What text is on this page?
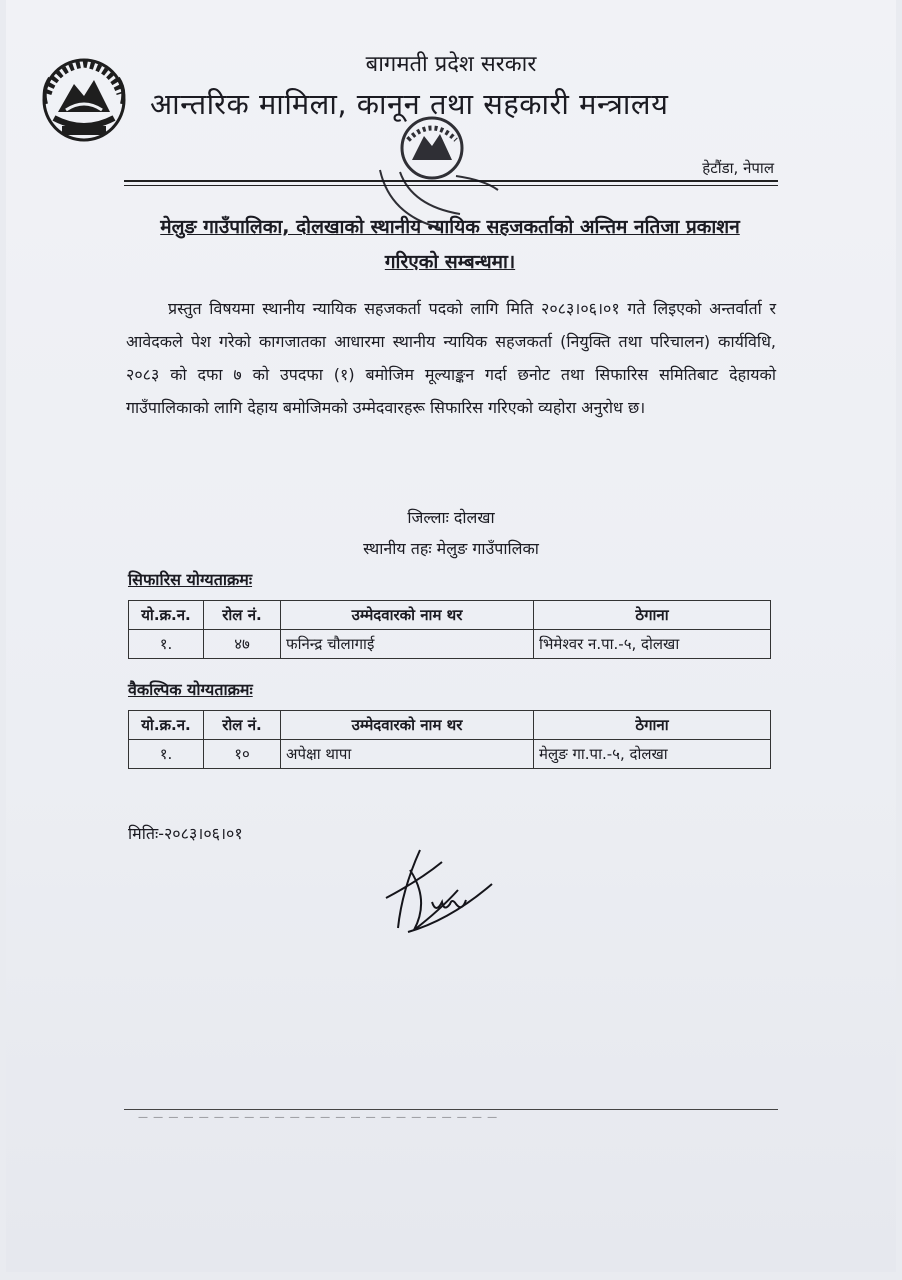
बागमती प्रदेश सरकार
आन्तरिक मामिला, कानून तथा सहकारी मन्त्रालय
हेटौंडा, नेपाल
मेलुङ गाउँपालिका, दोलखाको स्थानीय न्यायिक सहजकर्ताको अन्तिम नतिजा प्रकाशन
गरिएको सम्बन्धमा।
प्रस्तुत विषयमा स्थानीय न्यायिक सहजकर्ता पदको लागि मिति २०८३।०६।०१ गते लिइएको अन्तर्वार्ता र आवेदकले पेश गरेको कागजातका आधारमा स्थानीय न्यायिक सहजकर्ता (नियुक्ति तथा परिचालन) कार्यविधि, २०८३ को दफा ७ को उपदफा (१) बमोजिम मूल्याङ्कन गर्दा छनोट तथा सिफारिस समितिबाट देहायको गाउँपालिकाको लागि देहाय बमोजिमको उम्मेदवारहरू सिफारिस गरिएको व्यहोरा अनुरोध छ।
जिल्लाः दोलखा
स्थानीय तहः मेलुङ गाउँपालिका
सिफारिस योग्यताक्रमः
यो.क्र.न.	रोल नं.	उम्मेदवारको नाम थर	ठेगाना
१.	४७	फनिन्द्र चौलागाई	भिमेश्वर न.पा.-५, दोलखा
वैकल्पिक योग्यताक्रमः
यो.क्र.न.	रोल नं.	उम्मेदवारको नाम थर	ठेगाना
१.	१०	अपेक्षा थापा	मेलुङ गा.पा.-५, दोलखा
मितिः-२०८३।०६।०१
— — — — — — — — — — — — — — — — — — — — — — — —
